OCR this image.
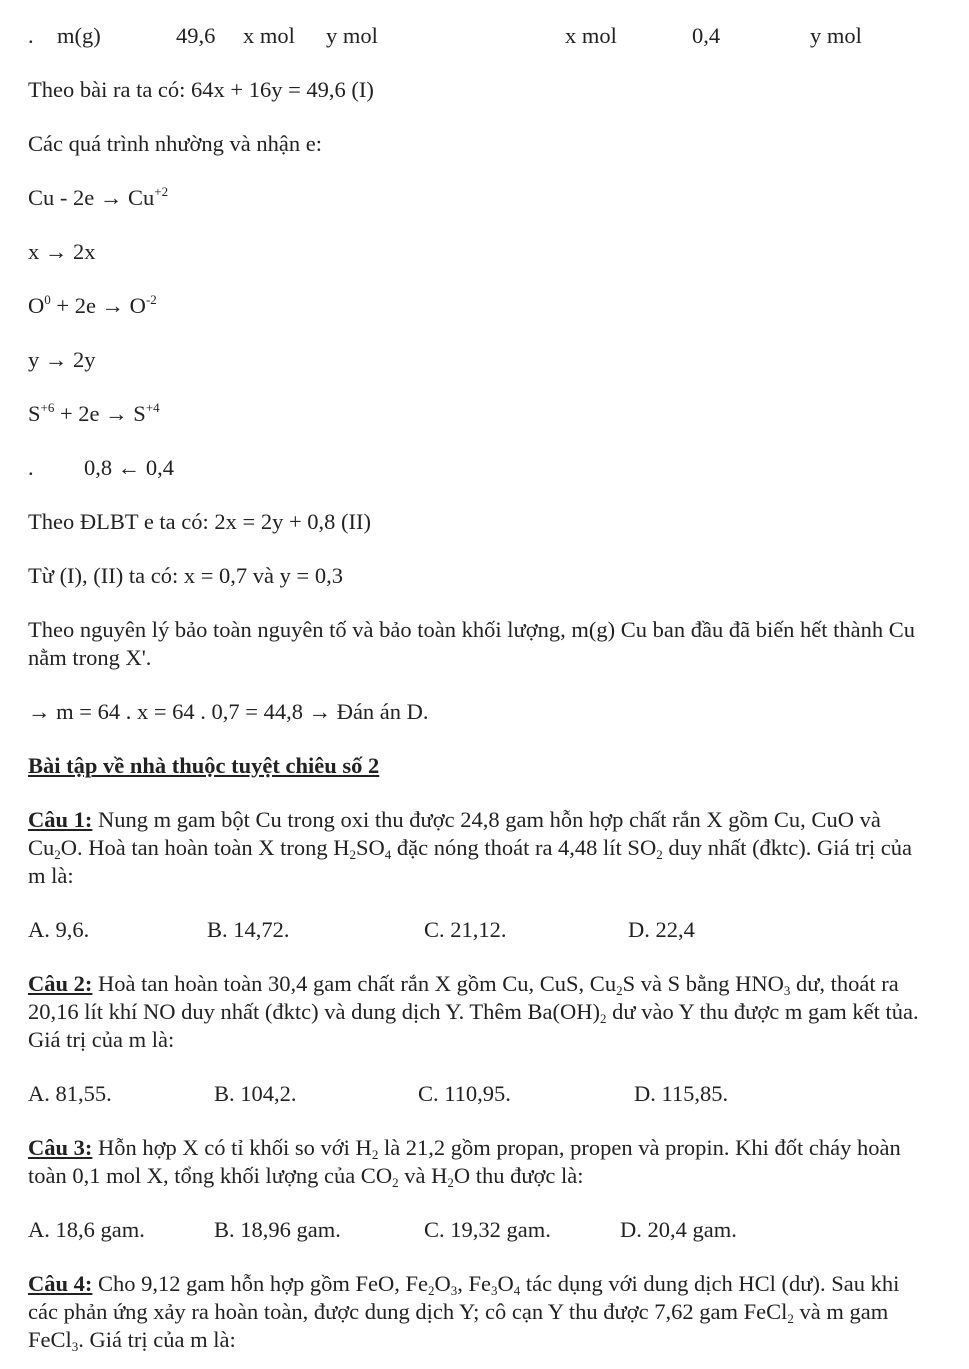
. m(g)	49,6 x mol y mol	x mol	0,4	y mol
Theo bài ra ta có: 64x + 16y = 49,6 (I)
Các quá trình nhường và nhận e:
$Cu - 2e \to Cu^{+2}$
x → 2x
$O^0 + 2e \to O^{-2}$
y → 2y
$S^{+6} + 2e \to S^{+4}$
. 0,8 ← 0,4
Theo ĐLBT e ta có: 2x = 2y + 0,8 (II)
Từ (I), (II) ta có: x = 0,7 và y = 0,3
Theo nguyên lý bảo toàn nguyên tố và bảo toàn khối lượng, m(g) Cu ban đầu đã biến hết thành Cu nằm trong X'.
→ m = 64 . x = 64 . 0,7 = 44,8 → Đán án D.
Bài tập về nhà thuộc tuyệt chiêu số 2
Câu 1: Nung m gam bột Cu trong oxi thu được 24,8 gam hỗn hợp chất rắn X gồm Cu, CuO và $Cu_2O$. Hoà tan hoàn toàn X trong $H_2SO_4$ đặc nóng thoát ra 4,48 lít $SO_2$ duy nhất (đktc). Giá trị của m là:
A. 9,6.	B. 14,72.	C. 21,12.	D. 22,4
Câu 2: Hoà tan hoàn toàn 30,4 gam chất rắn X gồm Cu, CuS, $Cu_2S$ và S bằng $HNO_3$ dư, thoát ra 20,16 lít khí NO duy nhất (đktc) và dung dịch Y. Thêm $Ba(OH)_2$ dư vào Y thu được m gam kết tủa. Giá trị của m là:
A. 81,55.	B. 104,2.	C. 110,95.	D. 115,85.
Câu 3: Hỗn hợp X có tỉ khối so với $H_2$ là 21,2 gồm propan, propen và propin. Khi đốt cháy hoàn toàn 0,1 mol X, tổng khối lượng của $CO_2$ và $H_2O$ thu được là:
A. 18,6 gam.	B. 18,96 gam.	C. 19,32 gam.	D. 20,4 gam.
Câu 4: Cho 9,12 gam hỗn hợp gồm FeO, $Fe_2O_3$, $Fe_3O_4$ tác dụng với dung dịch HCl (dư). Sau khi các phản ứng xảy ra hoàn toàn, được dung dịch Y; cô cạn Y thu được 7,62 gam FeCl$_2$ và m gam FeCl$_3$. Giá trị của m là:
